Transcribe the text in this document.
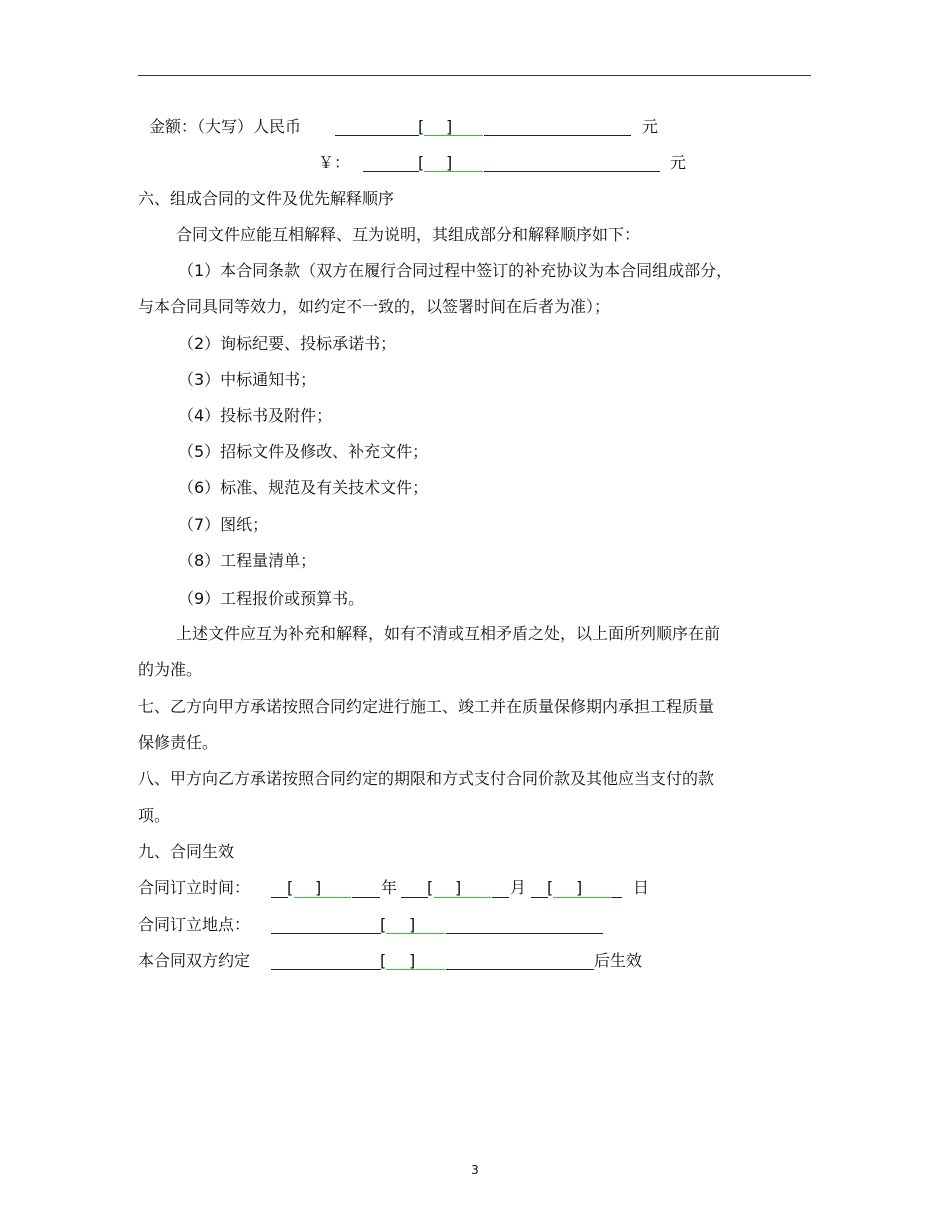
金额：（大写）人民币	[ ]	元
￥：	[ ]	元
六、组成合同的文件及优先解释顺序
合同文件应能互相解释、互为说明，其组成部分和解释顺序如下：
（1）本合同条款（双方在履行合同过程中签订的补充协议为本合同组成部分，
与本合同具同等效力，如约定不一致的，以签署时间在后者为准）；
（2）询标纪要、投标承诺书；
（3）中标通知书；
（4）投标书及附件；
（5）招标文件及修改、补充文件；
（6）标准、规范及有关技术文件；
（7）图纸；
（8）工程量清单；
（9）工程报价或预算书。
上述文件应互为补充和解释，如有不清或互相矛盾之处，以上面所列顺序在前
的为准。
七、乙方向甲方承诺按照合同约定进行施工、竣工并在质量保修期内承担工程质量
保修责任。
八、甲方向乙方承诺按照合同约定的期限和方式支付合同价款及其他应当支付的款
项。
九、合同生效
合同订立时间： [ ]	年 [ ]	月 [ ]	日
合同订立地点：	[ ]
本合同双方约定	[ ]	后生效
3
